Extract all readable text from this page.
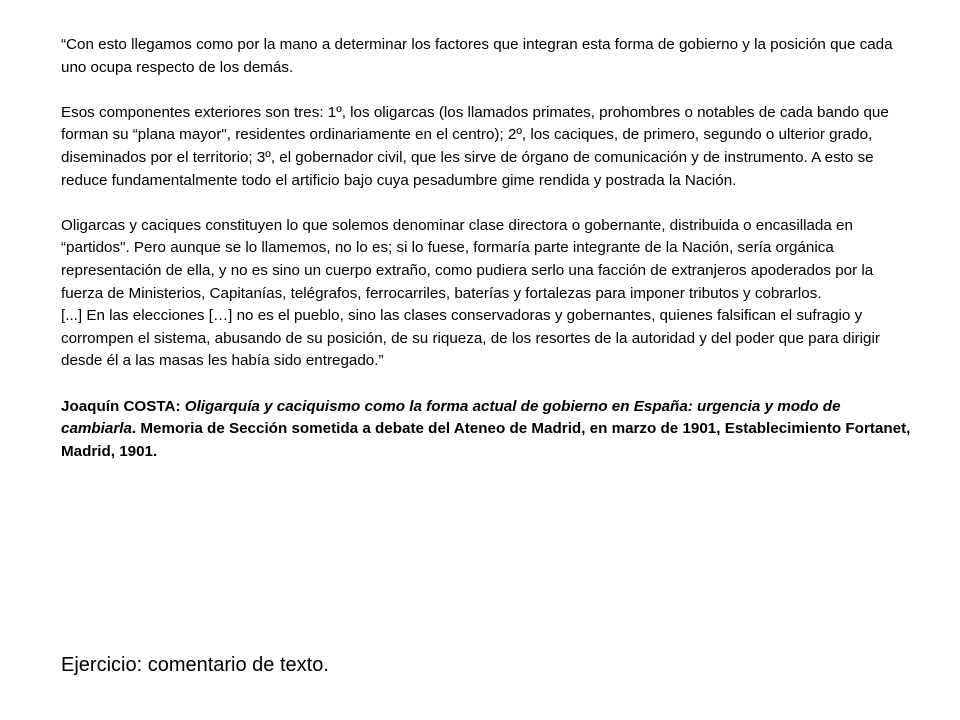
“Con esto llegamos como por la mano a determinar los factores que integran esta forma de gobierno y la posición que cada uno ocupa respecto de los demás.

Esos componentes exteriores son tres: 1º, los oligarcas (los llamados primates, prohombres o notables de cada bando que forman su “plana mayor", residentes ordinariamente en el centro); 2º, los caciques, de primero, segundo o ulterior grado, diseminados por el territorio; 3º, el gobernador civil, que les sirve de órgano de comunicación y de instrumento. A esto se reduce fundamentalmente todo el artificio bajo cuya pesadumbre gime rendida y postrada la Nación.

Oligarcas y caciques constituyen lo que solemos denominar clase directora o gobernante, distribuida o encasillada en “partidos". Pero aunque se lo llamemos, no lo es; si lo fuese, formaría parte integrante de la Nación, sería orgánica representación de ella, y no es sino un cuerpo extraño, como pudiera serlo una facción de extranjeros apoderados por la fuerza de Ministerios, Capitanías, telégrafos, ferrocarriles, baterías y fortalezas para imponer tributos y cobrarlos.

[...] En las elecciones […] no es el pueblo, sino las clases conservadoras y gobernantes, quienes falsifican el sufragio y corrompen el sistema, abusando de su posición, de su riqueza, de los resortes de la autoridad y del poder que para dirigir desde él a las masas les había sido entregado.”

Joaquín COSTA: Oligarquía y caciquismo como la forma actual de gobierno en España: urgencia y modo de cambiarla. Memoria de Sección sometida a debate del Ateneo de Madrid, en marzo de 1901, Establecimiento Fortanet, Madrid, 1901.

Ejercicio: comentario de texto.
